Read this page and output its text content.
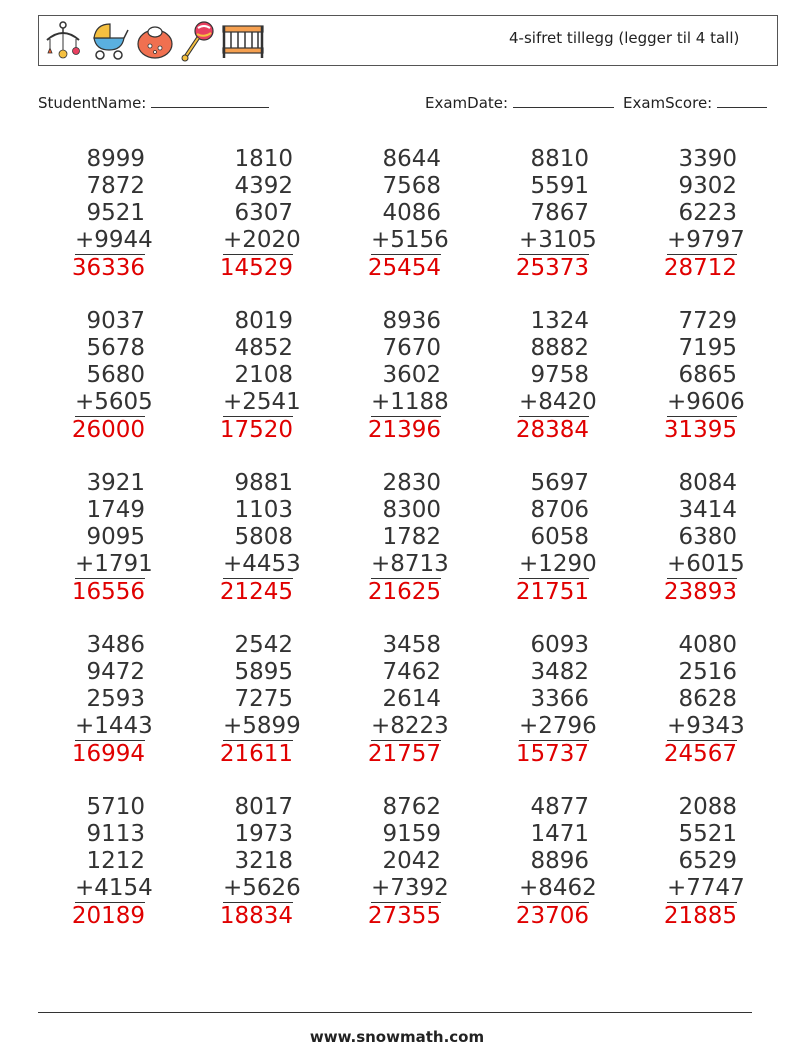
4-sifret tillegg (legger til 4 tall)
StudentName:	ExamDate:	ExamScore:
8999
7872
9521
+9944
36336
1810
4392
6307
+2020
14529
8644
7568
4086
+5156
25454
8810
5591
7867
+3105
25373
3390
9302
6223
+9797
28712
9037
5678
5680
+5605
26000
8019
4852
2108
+2541
17520
8936
7670
3602
+1188
21396
1324
8882
9758
+8420
28384
7729
7195
6865
+9606
31395
3921
1749
9095
+1791
16556
9881
1103
5808
+4453
21245
2830
8300
1782
+8713
21625
5697
8706
6058
+1290
21751
8084
3414
6380
+6015
23893
3486
9472
2593
+1443
16994
2542
5895
7275
+5899
21611
3458
7462
2614
+8223
21757
6093
3482
3366
+2796
15737
4080
2516
8628
+9343
24567
5710
9113
1212
+4154
20189
8017
1973
3218
+5626
18834
8762
9159
2042
+7392
27355
4877
1471
8896
+8462
23706
2088
5521
6529
+7747
21885
www.snowmath.com
